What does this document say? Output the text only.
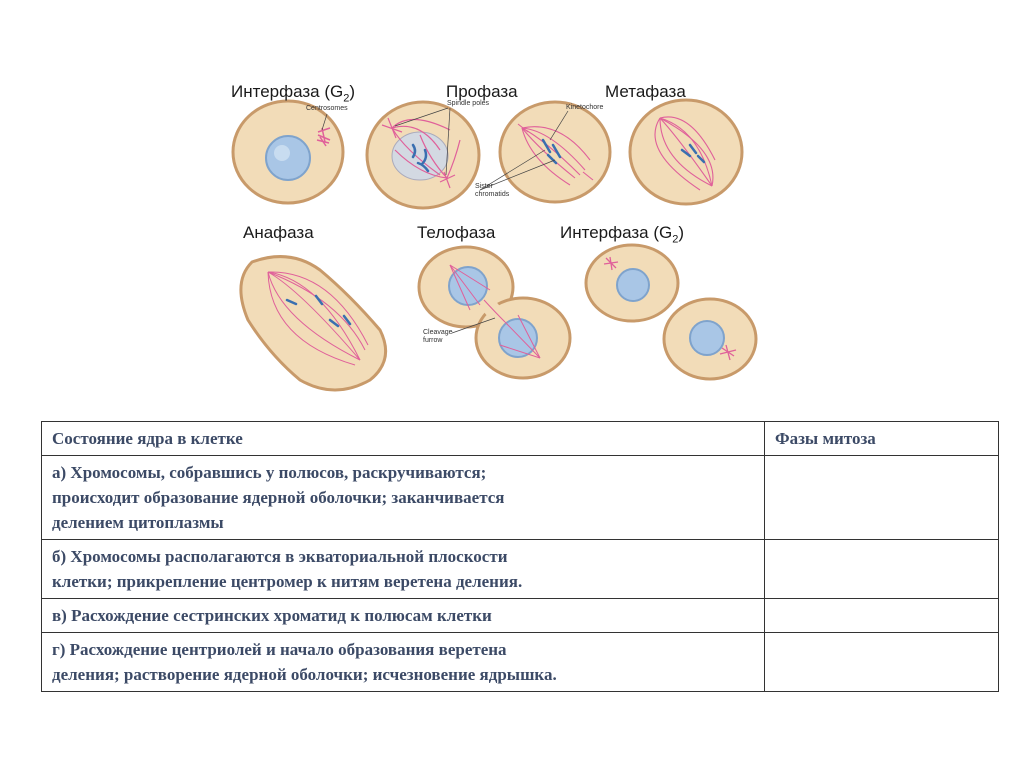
Интерфаза $(G_2)$	Профаза	Метафаза
Анафаза	Телофаза	Интерфаза $(G_2)$
Centrosomes
Spindle poles
Kinetochore
Sister
chromatids
Cleavage
furrow
Состояние ядра в клетке	Фазы митоза

а) Хромосомы, собравшись у полюсов, раскручиваются;
происходит образование ядерной оболочки; заканчивается
делением цитоплазмы	

б) Хромосомы располагаются в экваториальной плоскости
клетки; прикрепление центромер к нитям веретена деления.	

в) Расхождение сестринских хроматид к полюсам клетки	

г) Расхождение центриолей и начало образования веретена
деления; растворение ядерной оболочки; исчезновение ядрышка.	
